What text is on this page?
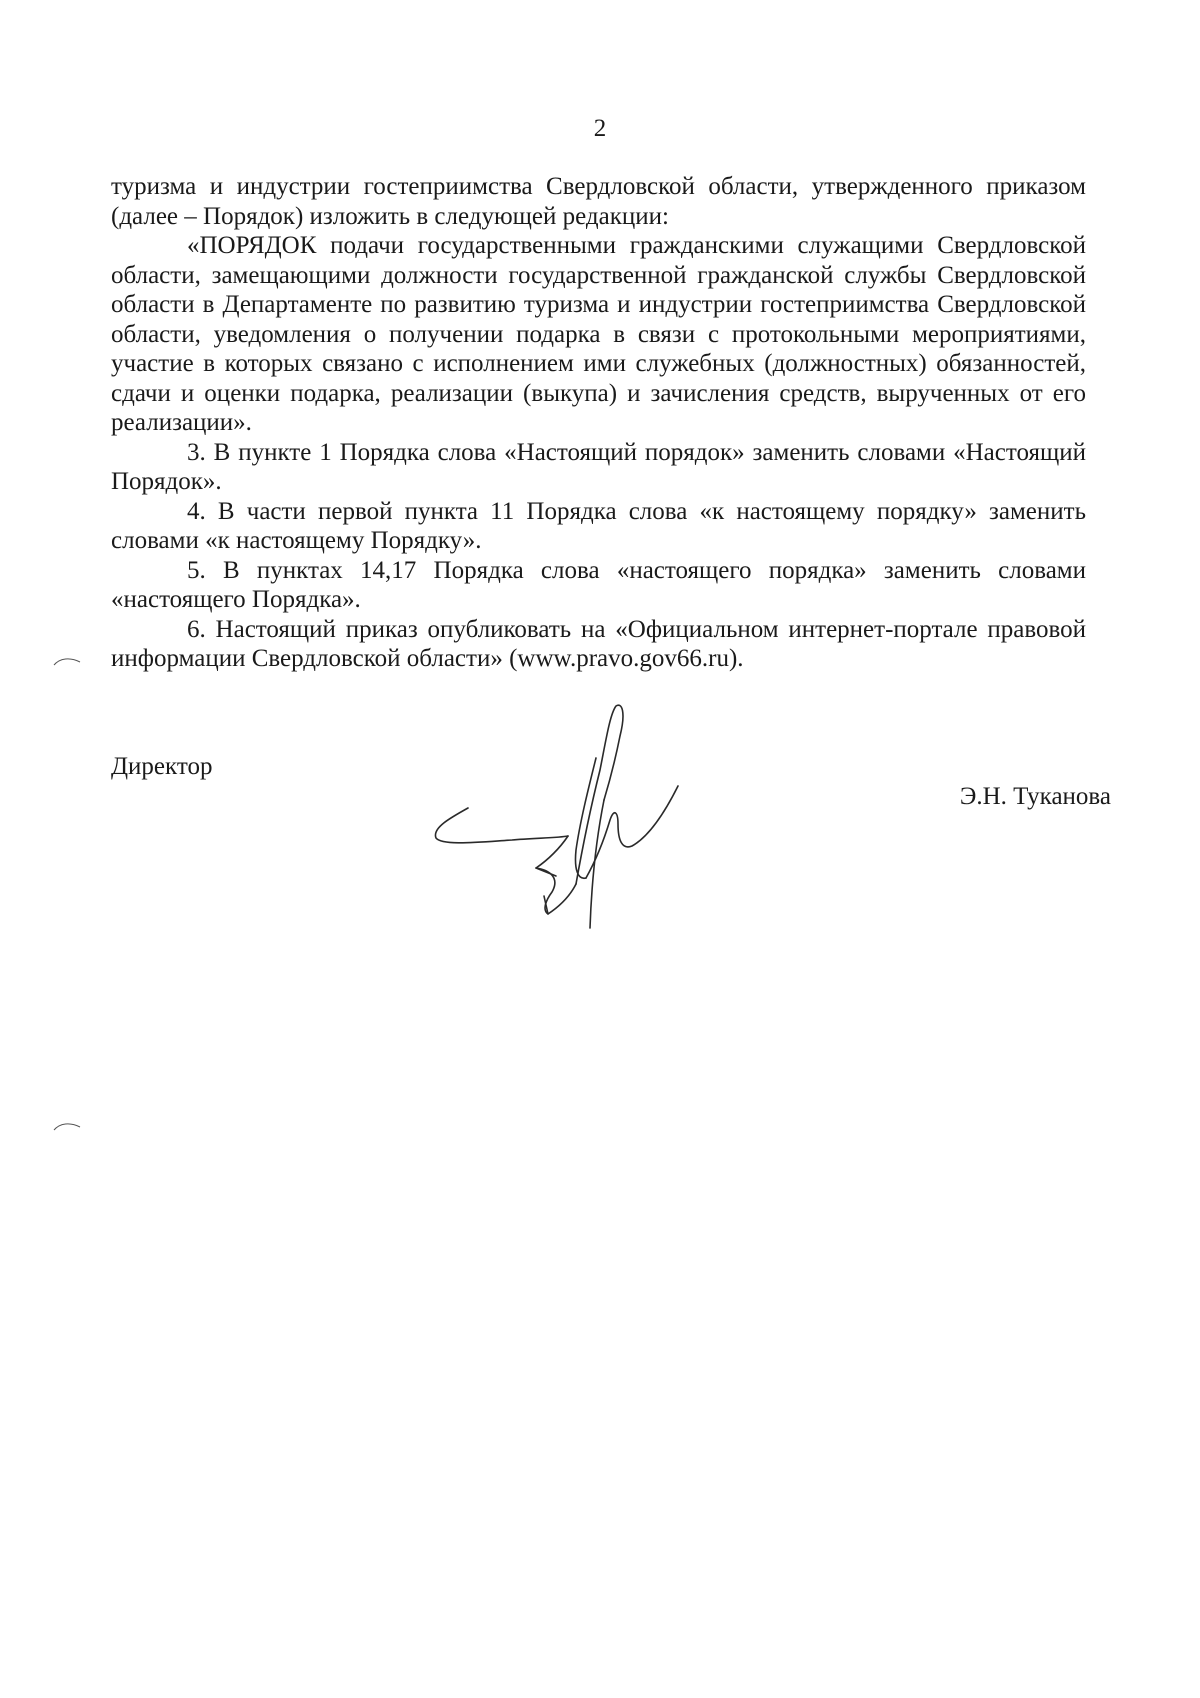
2

туризма и индустрии гостеприимства Свердловской области, утвержденного приказом (далее – Порядок) изложить в следующей редакции:

«ПОРЯДОК подачи государственными гражданскими служащими Свердловской области, замещающими должности государственной гражданской службы Свердловской области в Департаменте по развитию туризма и индустрии гостеприимства Свердловской области, уведомления о получении подарка в связи с протокольными мероприятиями, участие в которых связано с исполнением ими служебных (должностных) обязанностей, сдачи и оценки подарка, реализации (выкупа) и зачисления средств, вырученных от его реализации».

3. В пункте 1 Порядка слова «Настоящий порядок» заменить словами «Настоящий Порядок».

4. В части первой пункта 11 Порядка слова «к настоящему порядку» заменить словами «к настоящему Порядку».

5. В пунктах 14,17 Порядка слова «настоящего порядка» заменить словами «настоящего Порядка».

6. Настоящий приказ опубликовать на «Официальном интернет-портале правовой информации Свердловской области» (www.pravo.gov66.ru).

Директор
Э.Н. Туканова
